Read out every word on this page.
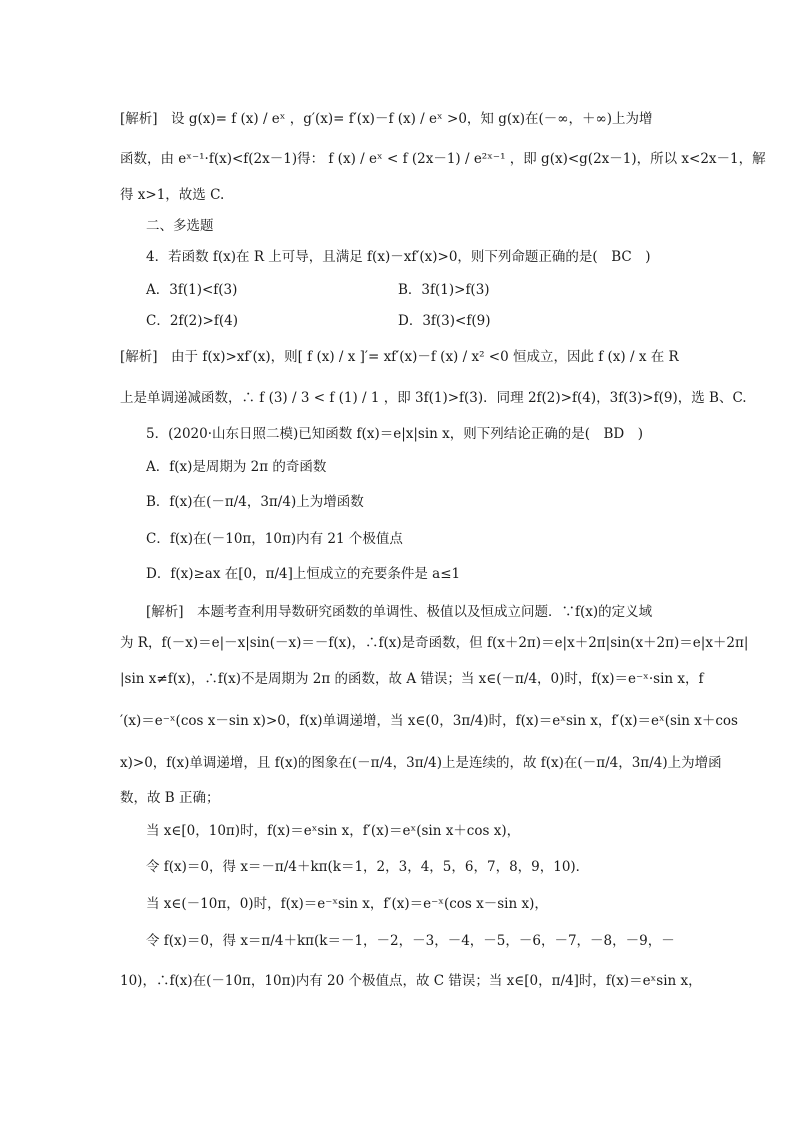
[解析]　设 g(x)= f (x) / eˣ ，g′(x)= f′(x)－f (x) / eˣ >0，知 g(x)在(－∞，＋∞)上为增
函数，由 eˣ⁻¹·f(x)<f(2x－1)得： f (x) / eˣ < f (2x－1) / e²ˣ⁻¹ ，即 g(x)<g(2x－1)，所以 x<2x－1，解
得 x>1，故选 C.
二、多选题
4．若函数 f(x)在 R 上可导，且满足 f(x)－xf′(x)>0，则下列命题正确的是(　BC　)
A．3f(1)<f(3)	B．3f(1)>f(3)
C．2f(2)>f(4)	D．3f(3)<f(9)
[解析]　由于 f(x)>xf′(x)，则[ f (x) / x ]′= xf′(x)－f (x) / x² <0 恒成立，因此 f (x) / x 在 R
上是单调递减函数，∴ f (3) / 3 < f (1) / 1 ，即 3f(1)>f(3)．同理 2f(2)>f(4)，3f(3)>f(9)，选 B、C.
5．(2020·山东日照二模)已知函数 f(x)＝e|x|sin x，则下列结论正确的是(　BD　)
A．f(x)是周期为 2π 的奇函数
B．f(x)在(－π/4，3π/4)上为增函数
C．f(x)在(－10π，10π)内有 21 个极值点
D．f(x)≥ax 在[0，π/4]上恒成立的充要条件是 a≤1
[解析]　本题考查利用导数研究函数的单调性、极值以及恒成立问题．∵f(x)的定义域
为 R，f(－x)＝e|－x|sin(－x)＝－f(x)，∴f(x)是奇函数，但 f(x＋2π)＝e|x＋2π|sin(x＋2π)＝e|x＋2π|
|sin x≠f(x)，∴f(x)不是周期为 2π 的函数，故 A 错误；当 x∈(－π/4，0)时，f(x)＝e⁻ˣ·sin x，f
′(x)＝e⁻ˣ(cos x－sin x)>0，f(x)单调递增，当 x∈(0，3π/4)时，f(x)＝eˣsin x，f′(x)＝eˣ(sin x＋cos
x)>0，f(x)单调递增，且 f(x)的图象在(－π/4，3π/4)上是连续的，故 f(x)在(－π/4，3π/4)上为增函
数，故 B 正确；
当 x∈[0，10π)时，f(x)＝eˣsin x，f′(x)＝eˣ(sin x＋cos x)，
令 f(x)＝0，得 x＝－π/4＋kπ(k＝1，2，3，4，5，6，7，8，9，10)．
当 x∈(－10π，0)时，f(x)＝e⁻ˣsin x，f′(x)＝e⁻ˣ(cos x－sin x)，
令 f(x)＝0，得 x＝π/4＋kπ(k＝－1，－2，－3，－4，－5，－6，－7，－8，－9，－
10)，∴f(x)在(－10π，10π)内有 20 个极值点，故 C 错误；当 x∈[0，π/4]时，f(x)＝eˣsin x，
